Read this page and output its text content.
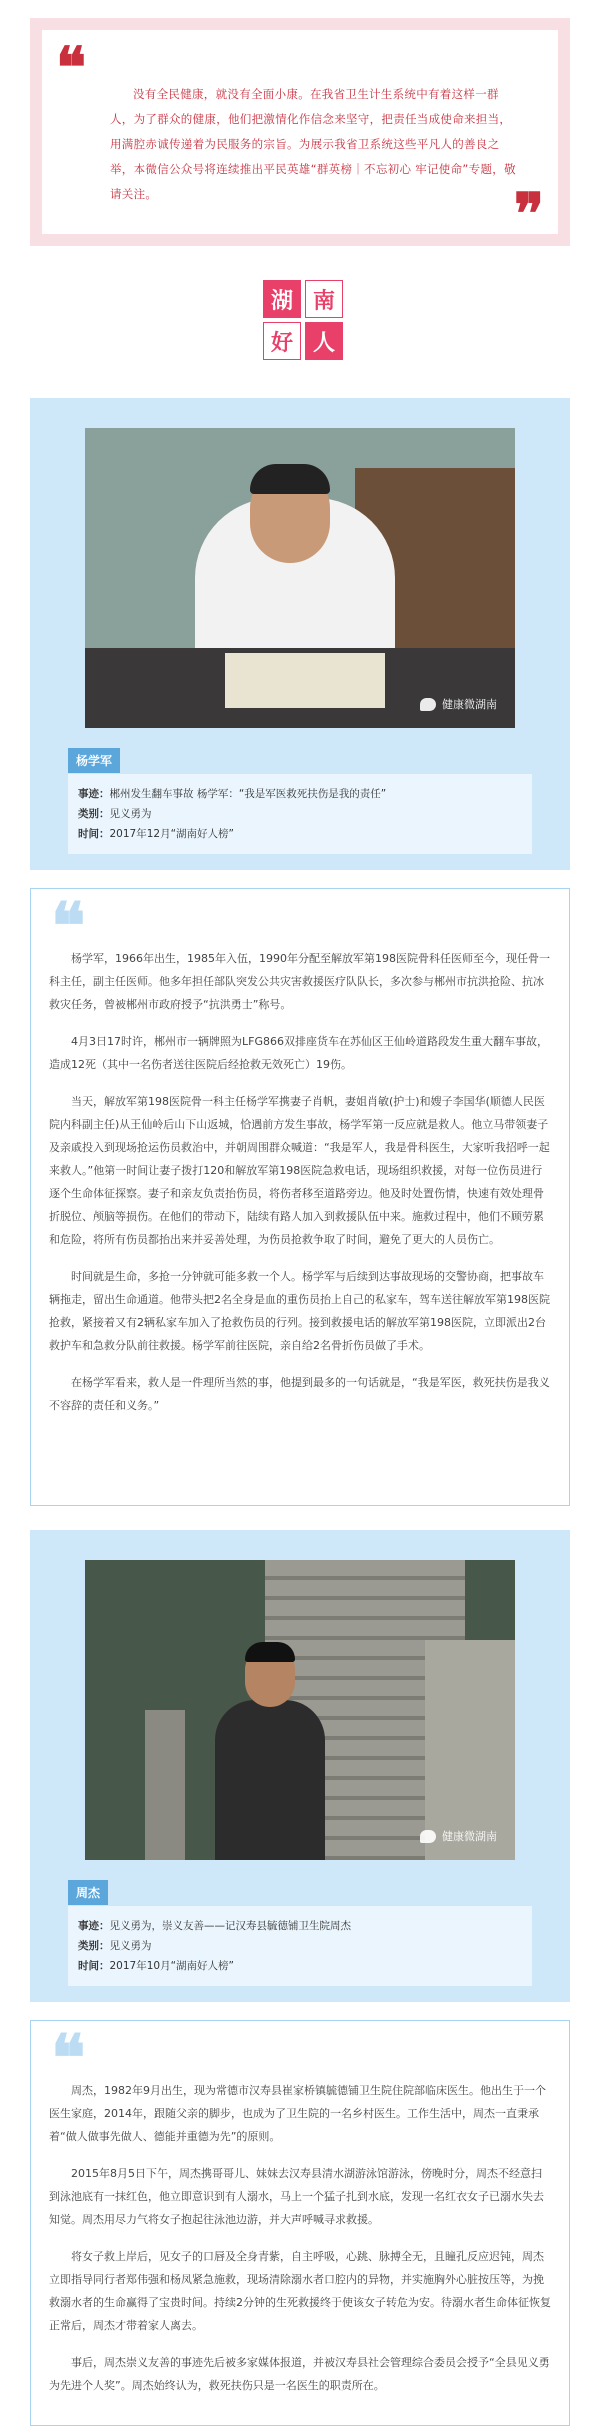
❝	没有全民健康，就没有全面小康。在我省卫生计生系统中有着这样一群人，为了群众的健康，他们把激情化作信念来坚守，把责任当成使命来担当，用满腔赤诚传递着为民服务的宗旨。为展示我省卫系统这些平凡人的善良之举，本微信公众号将连续推出平民英雄“群英榜｜不忘初心 牢记使命”专题，敬请关注。	❞
湖 南
好 人
健康微湖南
杨学军
事迹：郴州发生翻车事故 杨学军：“我是军医救死扶伤是我的责任”
类别：见义勇为
时间：2017年12月“湖南好人榜”
❝

杨学军，1966年出生，1985年入伍，1990年分配至解放军第198医院骨科任医师至今，现任骨一科主任，副主任医师。他多年担任部队突发公共灾害救援医疗队队长，多次参与郴州市抗洪抢险、抗冰救灾任务，曾被郴州市政府授予“抗洪勇士”称号。

4月3日17时许，郴州市一辆牌照为LFG866双排座货车在苏仙区王仙岭道路段发生重大翻车事故，造成12死（其中一名伤者送往医院后经抢救无效死亡）19伤。

当天，解放军第198医院骨一科主任杨学军携妻子肖帆，妻姐肖敏(护士)和嫂子李国华(顺德人民医院内科副主任)从王仙岭后山下山返城，恰遇前方发生事故，杨学军第一反应就是救人。他立马带领妻子及亲戚投入到现场抢运伤员救治中，并朝周围群众喊道：“我是军人，我是骨科医生，大家听我招呼一起来救人。”他第一时间让妻子拨打120和解放军第198医院急救电话，现场组织救援，对每一位伤员进行逐个生命体征探察。妻子和亲友负责抬伤员，将伤者移至道路旁边。他及时处置伤情，快速有效处理骨折脱位、颅脑等损伤。在他们的带动下，陆续有路人加入到救援队伍中来。施救过程中，他们不顾劳累和危险，将所有伤员都抬出来并妥善处理，为伤员抢救争取了时间，避免了更大的人员伤亡。

时间就是生命，多抢一分钟就可能多救一个人。杨学军与后续到达事故现场的交警协商，把事故车辆拖走，留出生命通道。他带头把2名全身是血的重伤员抬上自己的私家车，驾车送往解放军第198医院抢救，紧接着又有2辆私家车加入了抢救伤员的行列。接到救援电话的解放军第198医院，立即派出2台救护车和急救分队前往救援。杨学军前往医院，亲自给2名骨折伤员做了手术。

在杨学军看来，救人是一件理所当然的事，他提到最多的一句话就是，“我是军医，救死扶伤是我义不容辞的责任和义务。”

健康微湖南
周杰
事迹：见义勇为，崇义友善——记汉寿县毓德铺卫生院周杰
类别：见义勇为
时间：2017年10月“湖南好人榜”
❝

周杰，1982年9月出生，现为常德市汉寿县崔家桥镇毓德铺卫生院住院部临床医生。他出生于一个医生家庭，2014年，跟随父亲的脚步，也成为了卫生院的一名乡村医生。工作生活中，周杰一直秉承着“做人做事先做人、德能并重德为先”的原则。

2015年8月5日下午，周杰携哥哥儿、妹妹去汉寿县清水湖游泳馆游泳，傍晚时分，周杰不经意扫到泳池底有一抹红色，他立即意识到有人溺水，马上一个猛子扎到水底，发现一名红衣女子已溺水失去知觉。周杰用尽力气将女子抱起往泳池边游，并大声呼喊寻求救援。

将女子救上岸后，见女子的口唇及全身青紫，自主呼吸，心跳、脉搏全无，且瞳孔反应迟钝，周杰立即指导同行者郑伟强和杨凤紧急施救，现场清除溺水者口腔内的异物，并实施胸外心脏按压等，为挽救溺水者的生命赢得了宝贵时间。持续2分钟的生死救援终于使该女子转危为安。待溺水者生命体征恢复正常后，周杰才带着家人离去。

事后，周杰崇义友善的事迹先后被多家媒体报道，并被汉寿县社会管理综合委员会授予“全县见义勇为先进个人奖”。周杰始终认为，救死扶伤只是一名医生的职责所在。
